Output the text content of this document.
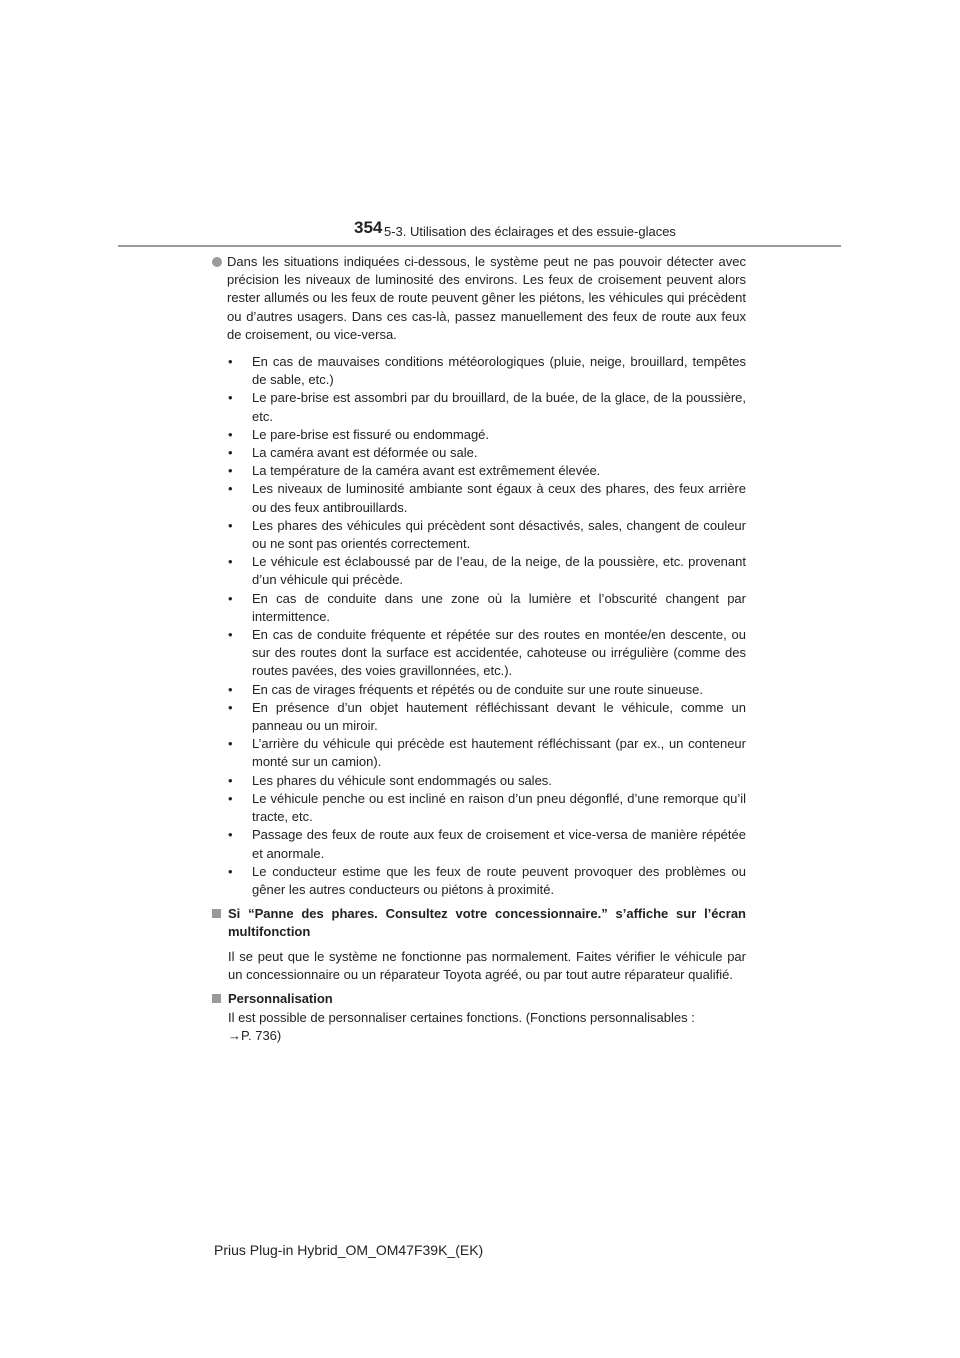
354 5-3. Utilisation des éclairages et des essuie-glaces
Dans les situations indiquées ci-dessous, le système peut ne pas pouvoir détecter avec précision les niveaux de luminosité des environs. Les feux de croisement peuvent alors rester allumés ou les feux de route peuvent gêner les piétons, les véhicules qui précèdent ou d’autres usagers. Dans ces cas-là, passez manuellement des feux de route aux feux de croisement, ou vice-versa.
•	En cas de mauvaises conditions météorologiques (pluie, neige, brouillard, tempêtes de sable, etc.)
•	Le pare-brise est assombri par du brouillard, de la buée, de la glace, de la poussière, etc.
•	Le pare-brise est fissuré ou endommagé.
•	La caméra avant est déformée ou sale.
•	La température de la caméra avant est extrêmement élevée.
•	Les niveaux de luminosité ambiante sont égaux à ceux des phares, des feux arrière ou des feux antibrouillards.
•	Les phares des véhicules qui précèdent sont désactivés, sales, changent de couleur ou ne sont pas orientés correctement.
•	Le véhicule est éclaboussé par de l’eau, de la neige, de la poussière, etc. provenant d’un véhicule qui précède.
•	En cas de conduite dans une zone où la lumière et l’obscurité changent par intermittence.
•	En cas de conduite fréquente et répétée sur des routes en montée/en descente, ou sur des routes dont la surface est accidentée, cahoteuse ou irrégulière (comme des routes pavées, des voies gravillonnées, etc.).
•	En cas de virages fréquents et répétés ou de conduite sur une route sinueuse.
•	En présence d’un objet hautement réfléchissant devant le véhicule, comme un panneau ou un miroir.
•	L’arrière du véhicule qui précède est hautement réfléchissant (par ex., un conteneur monté sur un camion).
•	Les phares du véhicule sont endommagés ou sales.
•	Le véhicule penche ou est incliné en raison d’un pneu dégonflé, d’une remorque qu’il tracte, etc.
•	Passage des feux de route aux feux de croisement et vice-versa de manière répétée et anormale.
•	Le conducteur estime que les feux de route peuvent provoquer des problèmes ou gêner les autres conducteurs ou piétons à proximité.
Si “Panne des phares. Consultez votre concessionnaire.” s’affiche sur l’écran multifonction
Il se peut que le système ne fonctionne pas normalement. Faites vérifier le véhicule par un concessionnaire ou un réparateur Toyota agréé, ou par tout autre réparateur qualifié.
Personnalisation
Il est possible de personnaliser certaines fonctions. (Fonctions personnalisables :
→P. 736)
Prius Plug-in Hybrid_OM_OM47F39K_(EK)
